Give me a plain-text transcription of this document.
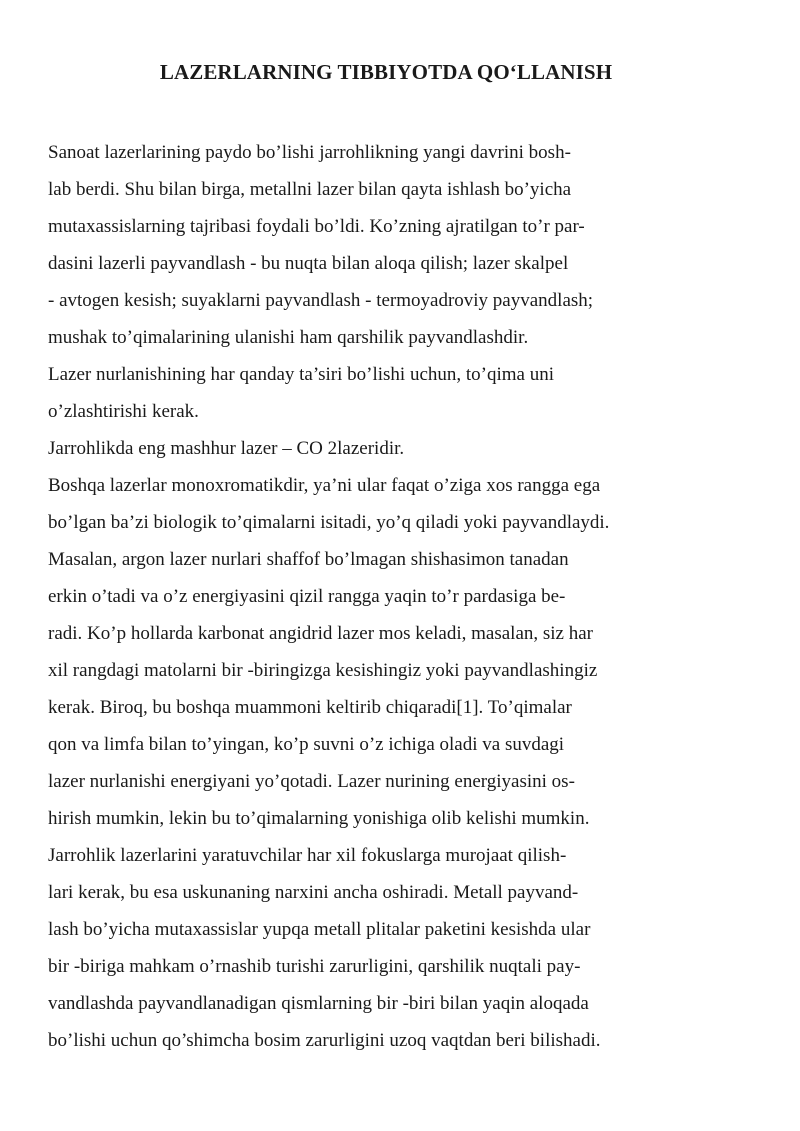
LAZERLARNING TIBBIYOTDA QO‘LLANISH
Sanoat lazerlarining paydo bo’lishi jarrohlikning yangi davrini bosh-
lab berdi. Shu bilan birga, metallni lazer bilan qayta ishlash bo’yicha
mutaxassislarning tajribasi foydali bo’ldi. Ko’zning ajratilgan to’r par-
dasini lazerli payvandlash - bu nuqta bilan aloqa qilish; lazer skalpel
- avtogen kesish; suyaklarni payvandlash - termoyadroviy payvandlash;
mushak to’qimalarining ulanishi ham qarshilik payvandlashdir.
Lazer nurlanishining har qanday ta’siri bo’lishi uchun, to’qima uni
o’zlashtirishi kerak.
Jarrohlikda eng mashhur lazer – CO 2lazeridir.
Boshqa lazerlar monoxromatikdir, ya’ni ular faqat o’ziga xos rangga ega
bo’lgan ba’zi biologik to’qimalarni isitadi, yo’q qiladi yoki payvandlaydi.
Masalan, argon lazer nurlari shaffof bo’lmagan shishasimon tanadan
erkin o’tadi va o’z energiyasini qizil rangga yaqin to’r pardasiga be-
radi. Ko’p hollarda karbonat angidrid lazer mos keladi, masalan, siz har
xil rangdagi matolarni bir -biringizga kesishingiz yoki payvandlashingiz
kerak. Biroq, bu boshqa muammoni keltirib chiqaradi[1]. To’qimalar
qon va limfa bilan to’yingan, ko’p suvni o’z ichiga oladi va suvdagi
lazer nurlanishi energiyani yo’qotadi. Lazer nurining energiyasini os-
hirish mumkin, lekin bu to’qimalarning yonishiga olib kelishi mumkin.
Jarrohlik lazerlarini yaratuvchilar har xil fokuslarga murojaat qilish-
lari kerak, bu esa uskunaning narxini ancha oshiradi. Metall payvand-
lash bo’yicha mutaxassislar yupqa metall plitalar paketini kesishda ular
bir -biriga mahkam o’rnashib turishi zarurligini, qarshilik nuqtali pay-
vandlashda payvandlanadigan qismlarning bir -biri bilan yaqin aloqada
bo’lishi uchun qo’shimcha bosim zarurligini uzoq vaqtdan beri bilishadi.
